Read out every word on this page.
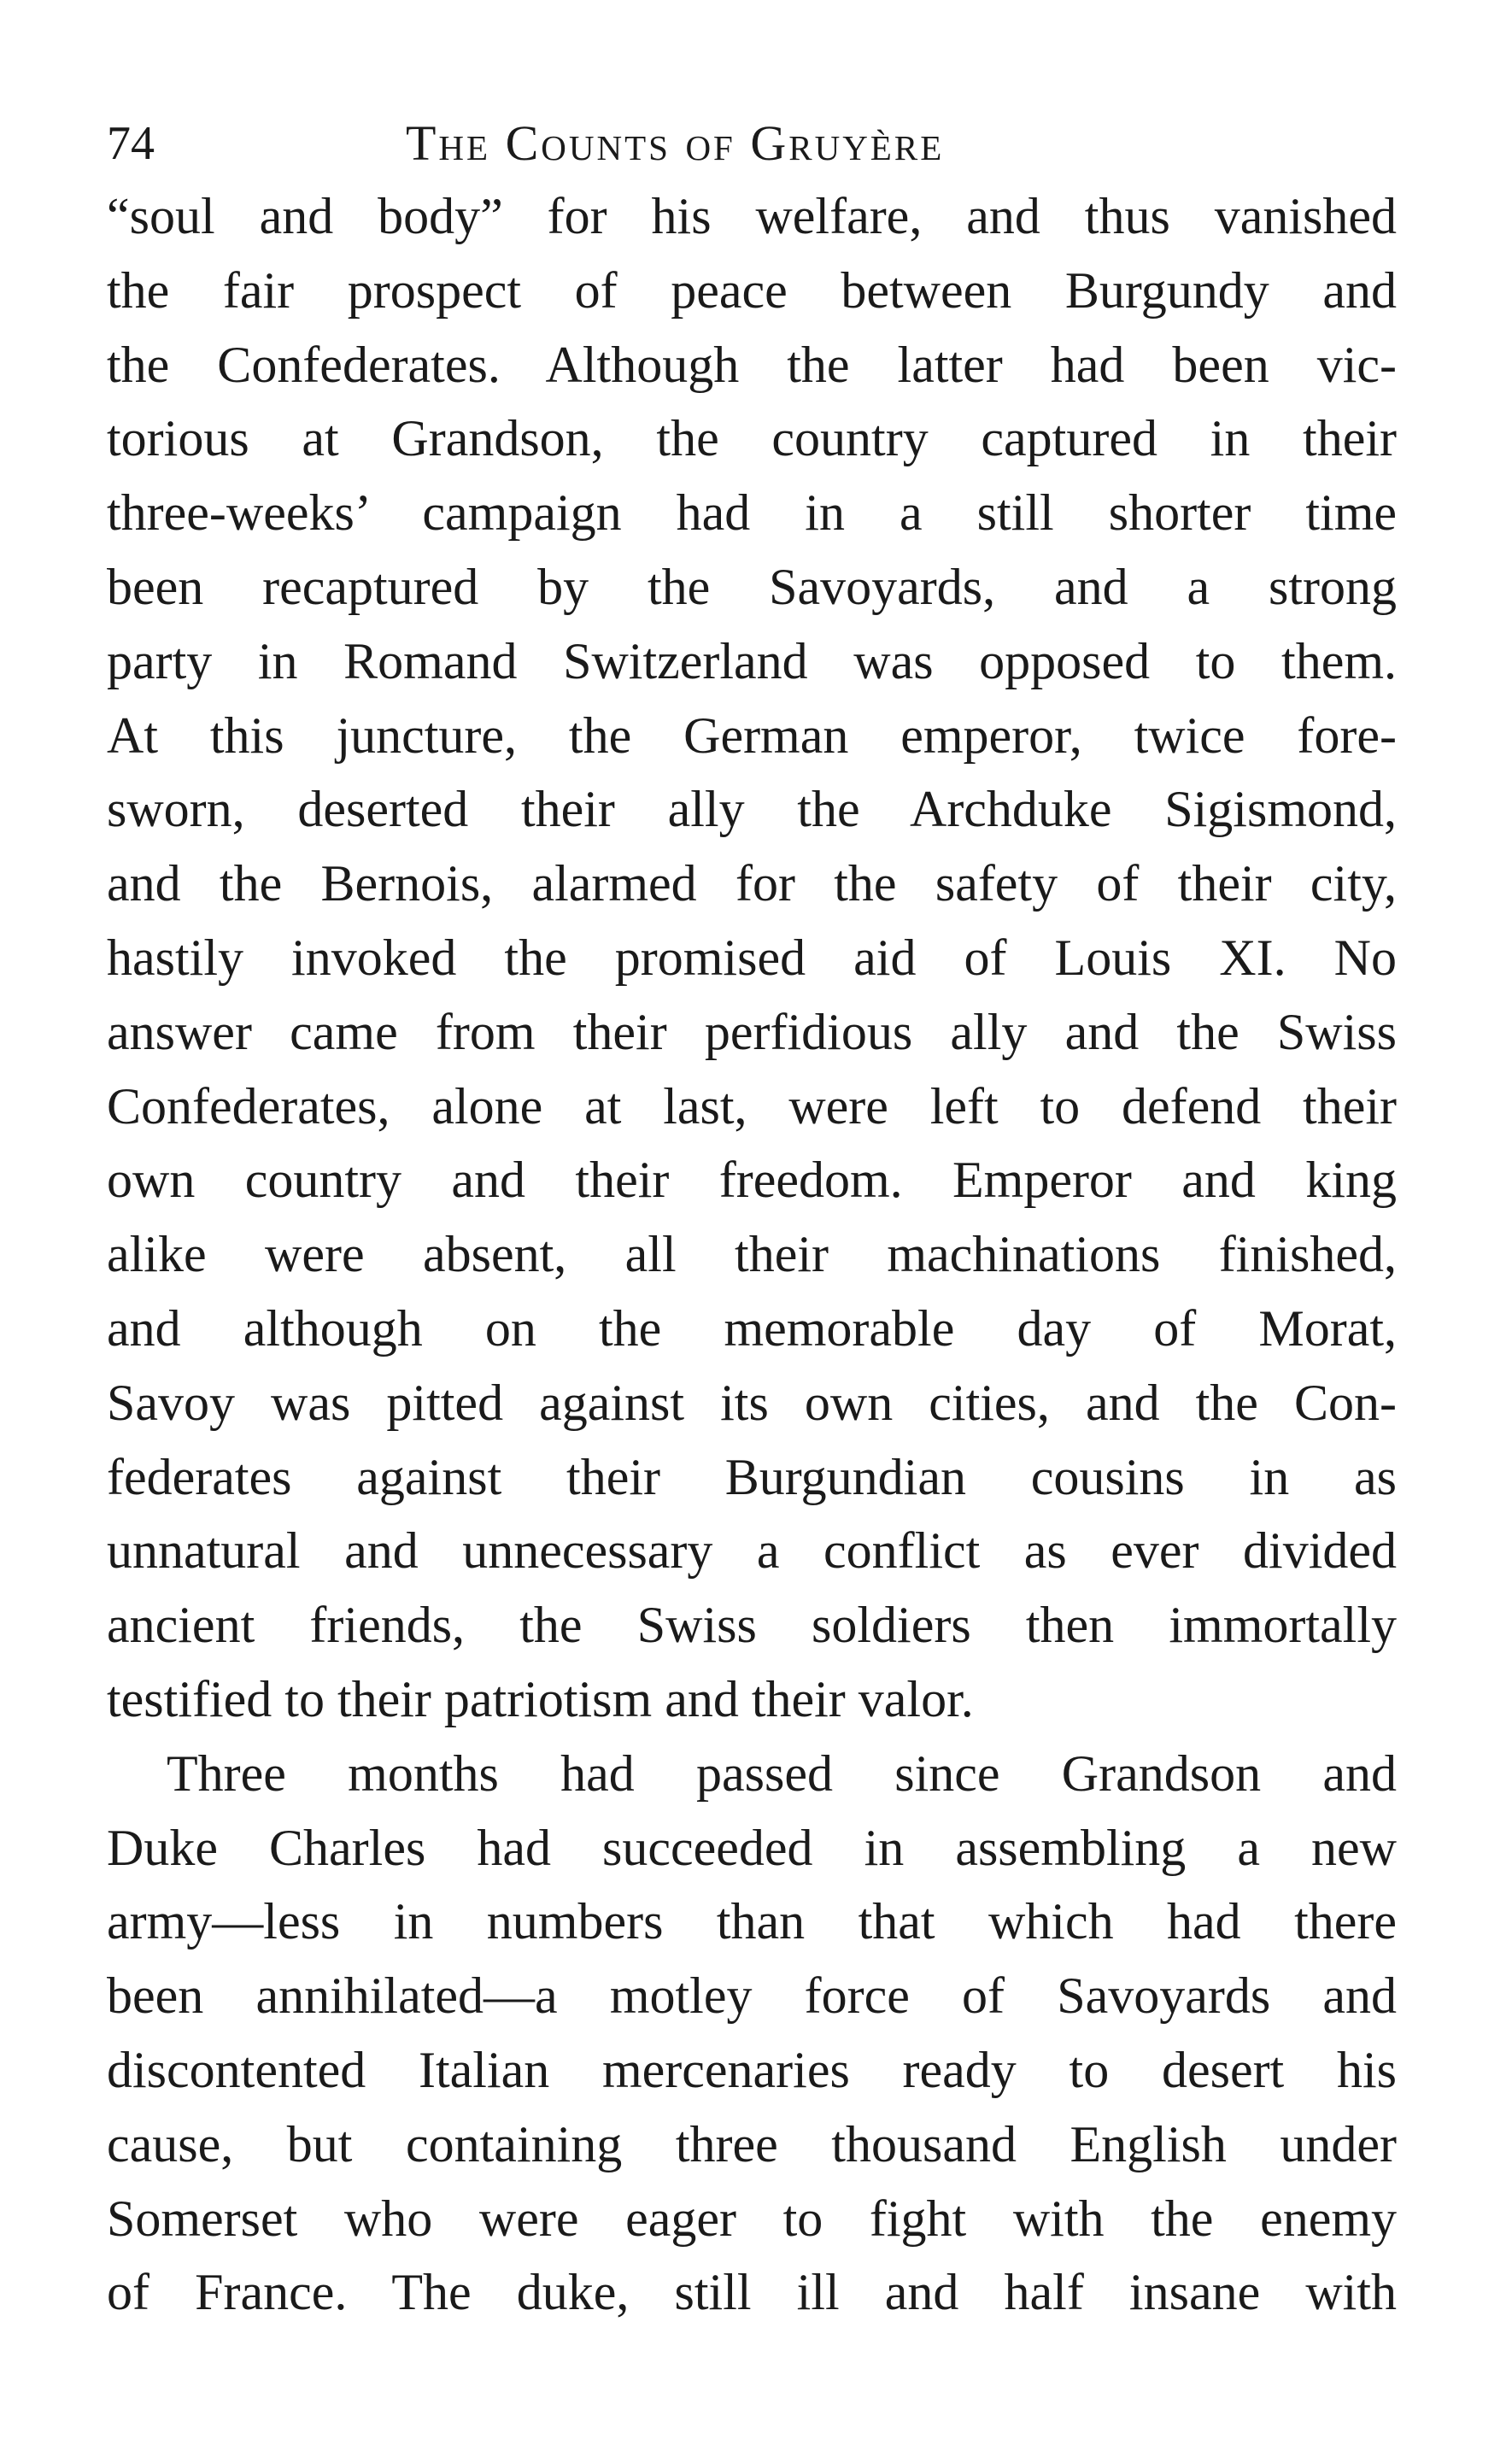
74	The Counts of Gruyère
“soul and body” for his welfare, and thus vanished
the fair prospect of peace between Burgundy and
the Confederates. Although the latter had been vic-
torious at Grandson, the country captured in their
three-weeks’ campaign had in a still shorter time
been recaptured by the Savoyards, and a strong
party in Romand Switzerland was opposed to them.
At this juncture, the German emperor, twice fore-
sworn, deserted their ally the Archduke Sigismond,
and the Bernois, alarmed for the safety of their city,
hastily invoked the promised aid of Louis XI. No
answer came from their perfidious ally and the Swiss
Confederates, alone at last, were left to defend their
own country and their freedom. Emperor and king
alike were absent, all their machinations finished,
and although on the memorable day of Morat,
Savoy was pitted against its own cities, and the Con-
federates against their Burgundian cousins in as
unnatural and unnecessary a conflict as ever divided
ancient friends, the Swiss soldiers then immortally
testified to their patriotism and their valor.
Three months had passed since Grandson and
Duke Charles had succeeded in assembling a new
army—less in numbers than that which had there
been annihilated—a motley force of Savoyards and
discontented Italian mercenaries ready to desert his
cause, but containing three thousand English under
Somerset who were eager to fight with the enemy
of France. The duke, still ill and half insane with
